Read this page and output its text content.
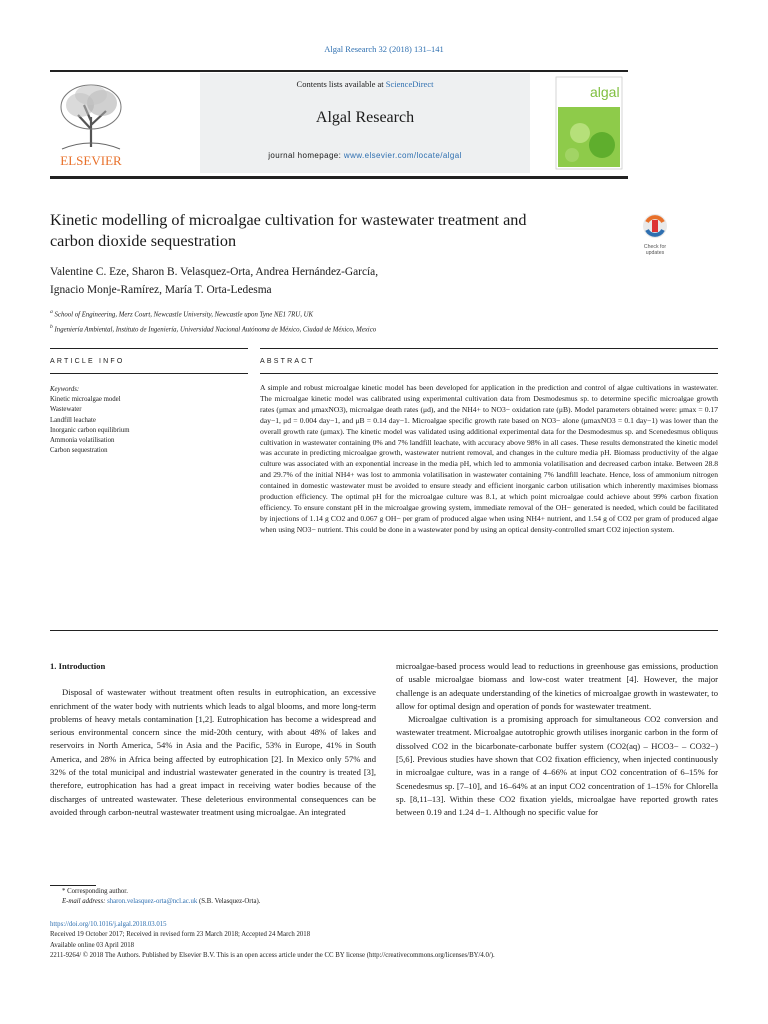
Algal Research 32 (2018) 131–141
ELSEVIER
Contents lists available at ScienceDirect
Algal Research
journal homepage: www.elsevier.com/locate/algal
algal
Kinetic modelling of microalgae cultivation for wastewater treatment and
carbon dioxide sequestration	Check for updates
Valentine C. Eze, Sharon B. Velasquez-Orta, Andrea Hernández-García,
Ignacio Monje-Ramírez, María T. Orta-Ledesma
$^a$ School of Engineering, Merz Court, Newcastle University, Newcastle upon Tyne NE1 7RU, UK
$^b$ Ingeniería Ambiental, Instituto de Ingeniería, Universidad Nacional Autónoma de México, Ciudad de México, Mexico
ARTICLE INFO	ABSTRACT
Keywords:
Kinetic microalgae model
Wastewater
Landfill leachate
Inorganic carbon equilibrium
Ammonia volatilisation
Carbon sequestration
A simple and robust microalgae kinetic model has been developed for application in the prediction and control of algae cultivations in wastewater. The microalgae kinetic model was calibrated using experimental cultivation data from Desmodesmus sp. to determine specific microalgae growth rates (μmax and μmaxNO3), microalgae death rates (μd), and the NH4+ to NO3− oxidation rate (μB). Model parameters obtained were: μmax = 0.17 day−1, μd = 0.004 day−1, and μB = 0.14 day−1. Microalgae specific growth rate based on NO3− alone (μmaxNO3 = 0.1 day−1) was lower than the overall growth rate (μmax). The kinetic model was validated using additional experimental data for the Desmodesmus sp. and Scenedesmus obliquus cultivation in wastewater containing 0% and 7% landfill leachate, with accuracy above 98% in all cases. These results demonstrated the kinetic model was accurate in predicting microalgae growth, wastewater nutrient removal, and changes in the culture media pH. Biomass productivity of the algae culture was associated with an exponential increase in the media pH, which led to ammonia volatilisation and decreased carbon intake. Between 28.8 and 29.7% of the initial NH4+ was lost to ammonia volatilisation in wastewater containing 7% landfill leachate. Hence, loss of ammonium nitrogen contained in domestic wastewater must be avoided to ensure steady and efficient inorganic carbon utilisation which inherently maximises biomass production efficiency. The optimal pH for the microalgae culture was 8.1, at which point microalgae could achieve about 99% carbon fixation efficiency. To ensure constant pH in the microalgae growing system, immediate removal of the OH− generated is needed, which could be facilitated by injections of 1.14 g CO2 and 0.067 g OH− per gram of produced algae when using NH4+ nutrient, and 1.54 g of CO2 per gram of produced algae when using NO3− nutrient. This could be done in a wastewater pond by using an optical density-controlled smart CO2 injection system.

1. Introduction

Disposal of wastewater without treatment often results in eutrophication, an excessive enrichment of the water body with nutrients which leads to algal blooms, and more long-term problems of heavy metals contamination [1,2]. Eutrophication has become a widespread and serious environmental concern since the mid-20th century, with about 48% of lakes and reservoirs in North America, 54% in Asia and the Pacific, 53% in Europe, 41% in South America, and 28% in Africa being affected by eutrophication [2]. In Mexico only 57% and 32% of the total municipal and industrial wastewater generated in the country is treated [3], therefore, eutrophication has had a great impact in receiving water bodies because of the discharges of untreated wastewater. These deleterious environmental consequences can be avoided through carbon-neutral wastewater treatment using microalgae. An integrated

microalgae-based process would lead to reductions in greenhouse gas emissions, production of usable microalgae biomass and low-cost water treatment [4]. However, the major challenge is an adequate understanding of the kinetics of microalgae growth in wastewater, to allow for optimal design and operation of ponds for wastewater treatment.

Microalgae cultivation is a promising approach for simultaneous CO2 conversion and wastewater treatment. Microalgae autotrophic growth utilises inorganic carbon in the form of dissolved CO2 in the bicarbonate-carbonate buffer system (CO2(aq) – HCO3− – CO32−) [5,6]. Previous studies have shown that CO2 fixation efficiency, when injected continuously in microalgae culture, was in a range of 4–66% at input CO2 concentration of 6–15% for Scenedesmus sp. [7–10], and 16–64% at an input CO2 concentration of 1–15% for Chlorella sp. [8,11–13]. Within these CO2 fixation yields, microalgae have reported growth rates between 0.19 and 1.24 d−1. Although no specific value for

* Corresponding author.
E-mail address: sharon.velasquez-orta@ncl.ac.uk (S.B. Velasquez-Orta).
https://doi.org/10.1016/j.algal.2018.03.015
Received 19 October 2017; Received in revised form 23 March 2018; Accepted 24 March 2018
Available online 03 April 2018
2211-9264/ © 2018 The Authors. Published by Elsevier B.V. This is an open access article under the CC BY license (http://creativecommons.org/licenses/BY/4.0/).
